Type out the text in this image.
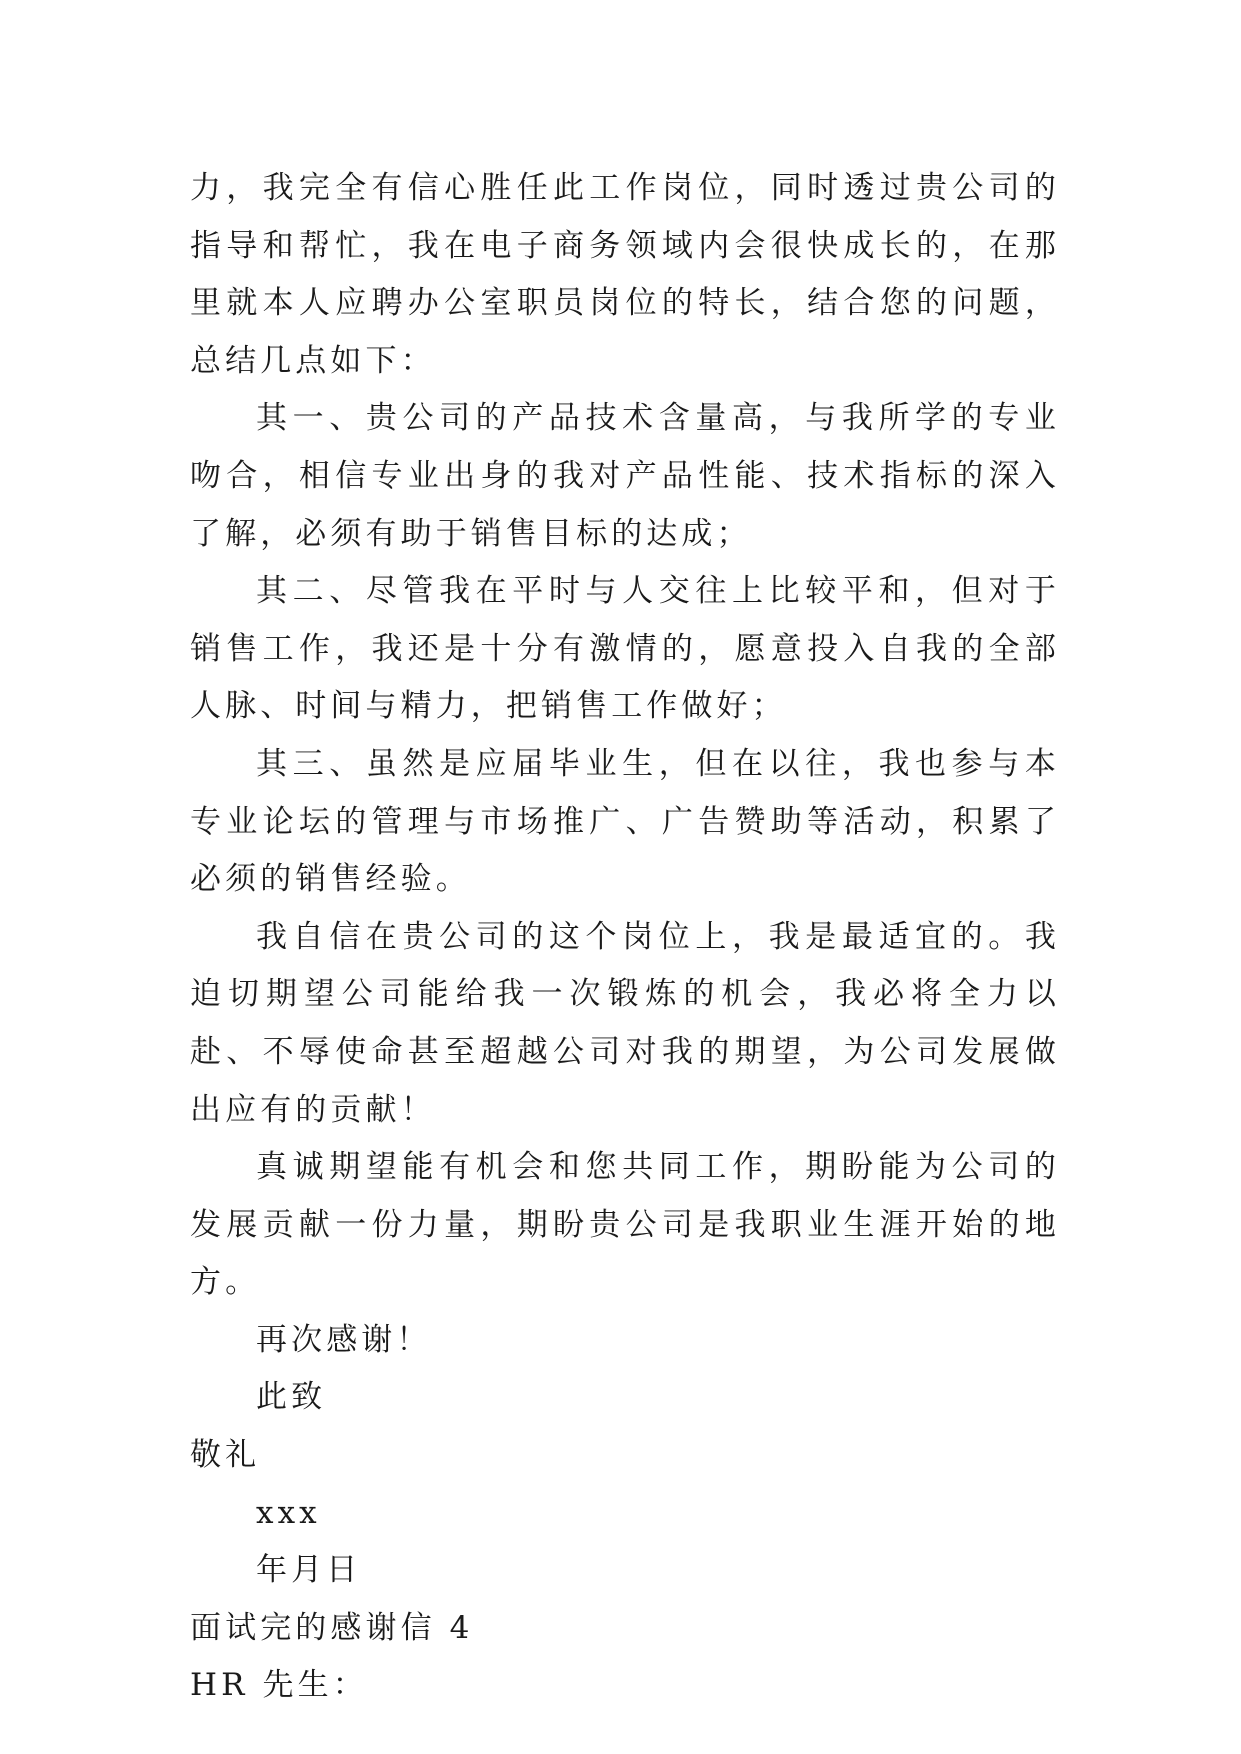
力，我完全有信心胜任此工作岗位，同时透过贵公司的指导和帮忙，我在电子商务领域内会很快成长的，在那里就本人应聘办公室职员岗位的特长，结合您的问题，总结几点如下：

其一、贵公司的产品技术含量高，与我所学的专业吻合，相信专业出身的我对产品性能、技术指标的深入了解，必须有助于销售目标的达成；

其二、尽管我在平时与人交往上比较平和，但对于销售工作，我还是十分有激情的，愿意投入自我的全部人脉、时间与精力，把销售工作做好；

其三、虽然是应届毕业生，但在以往，我也参与本专业论坛的管理与市场推广、广告赞助等活动，积累了必须的销售经验。

我自信在贵公司的这个岗位上，我是最适宜的。我迫切期望公司能给我一次锻炼的机会，我必将全力以赴、不辱使命甚至超越公司对我的期望，为公司发展做出应有的贡献！

真诚期望能有机会和您共同工作，期盼能为公司的发展贡献一份力量，期盼贵公司是我职业生涯开始的地方。

再次感谢！

此致

敬礼

xxx

年月日

面试完的感谢信 4

HR 先生：
